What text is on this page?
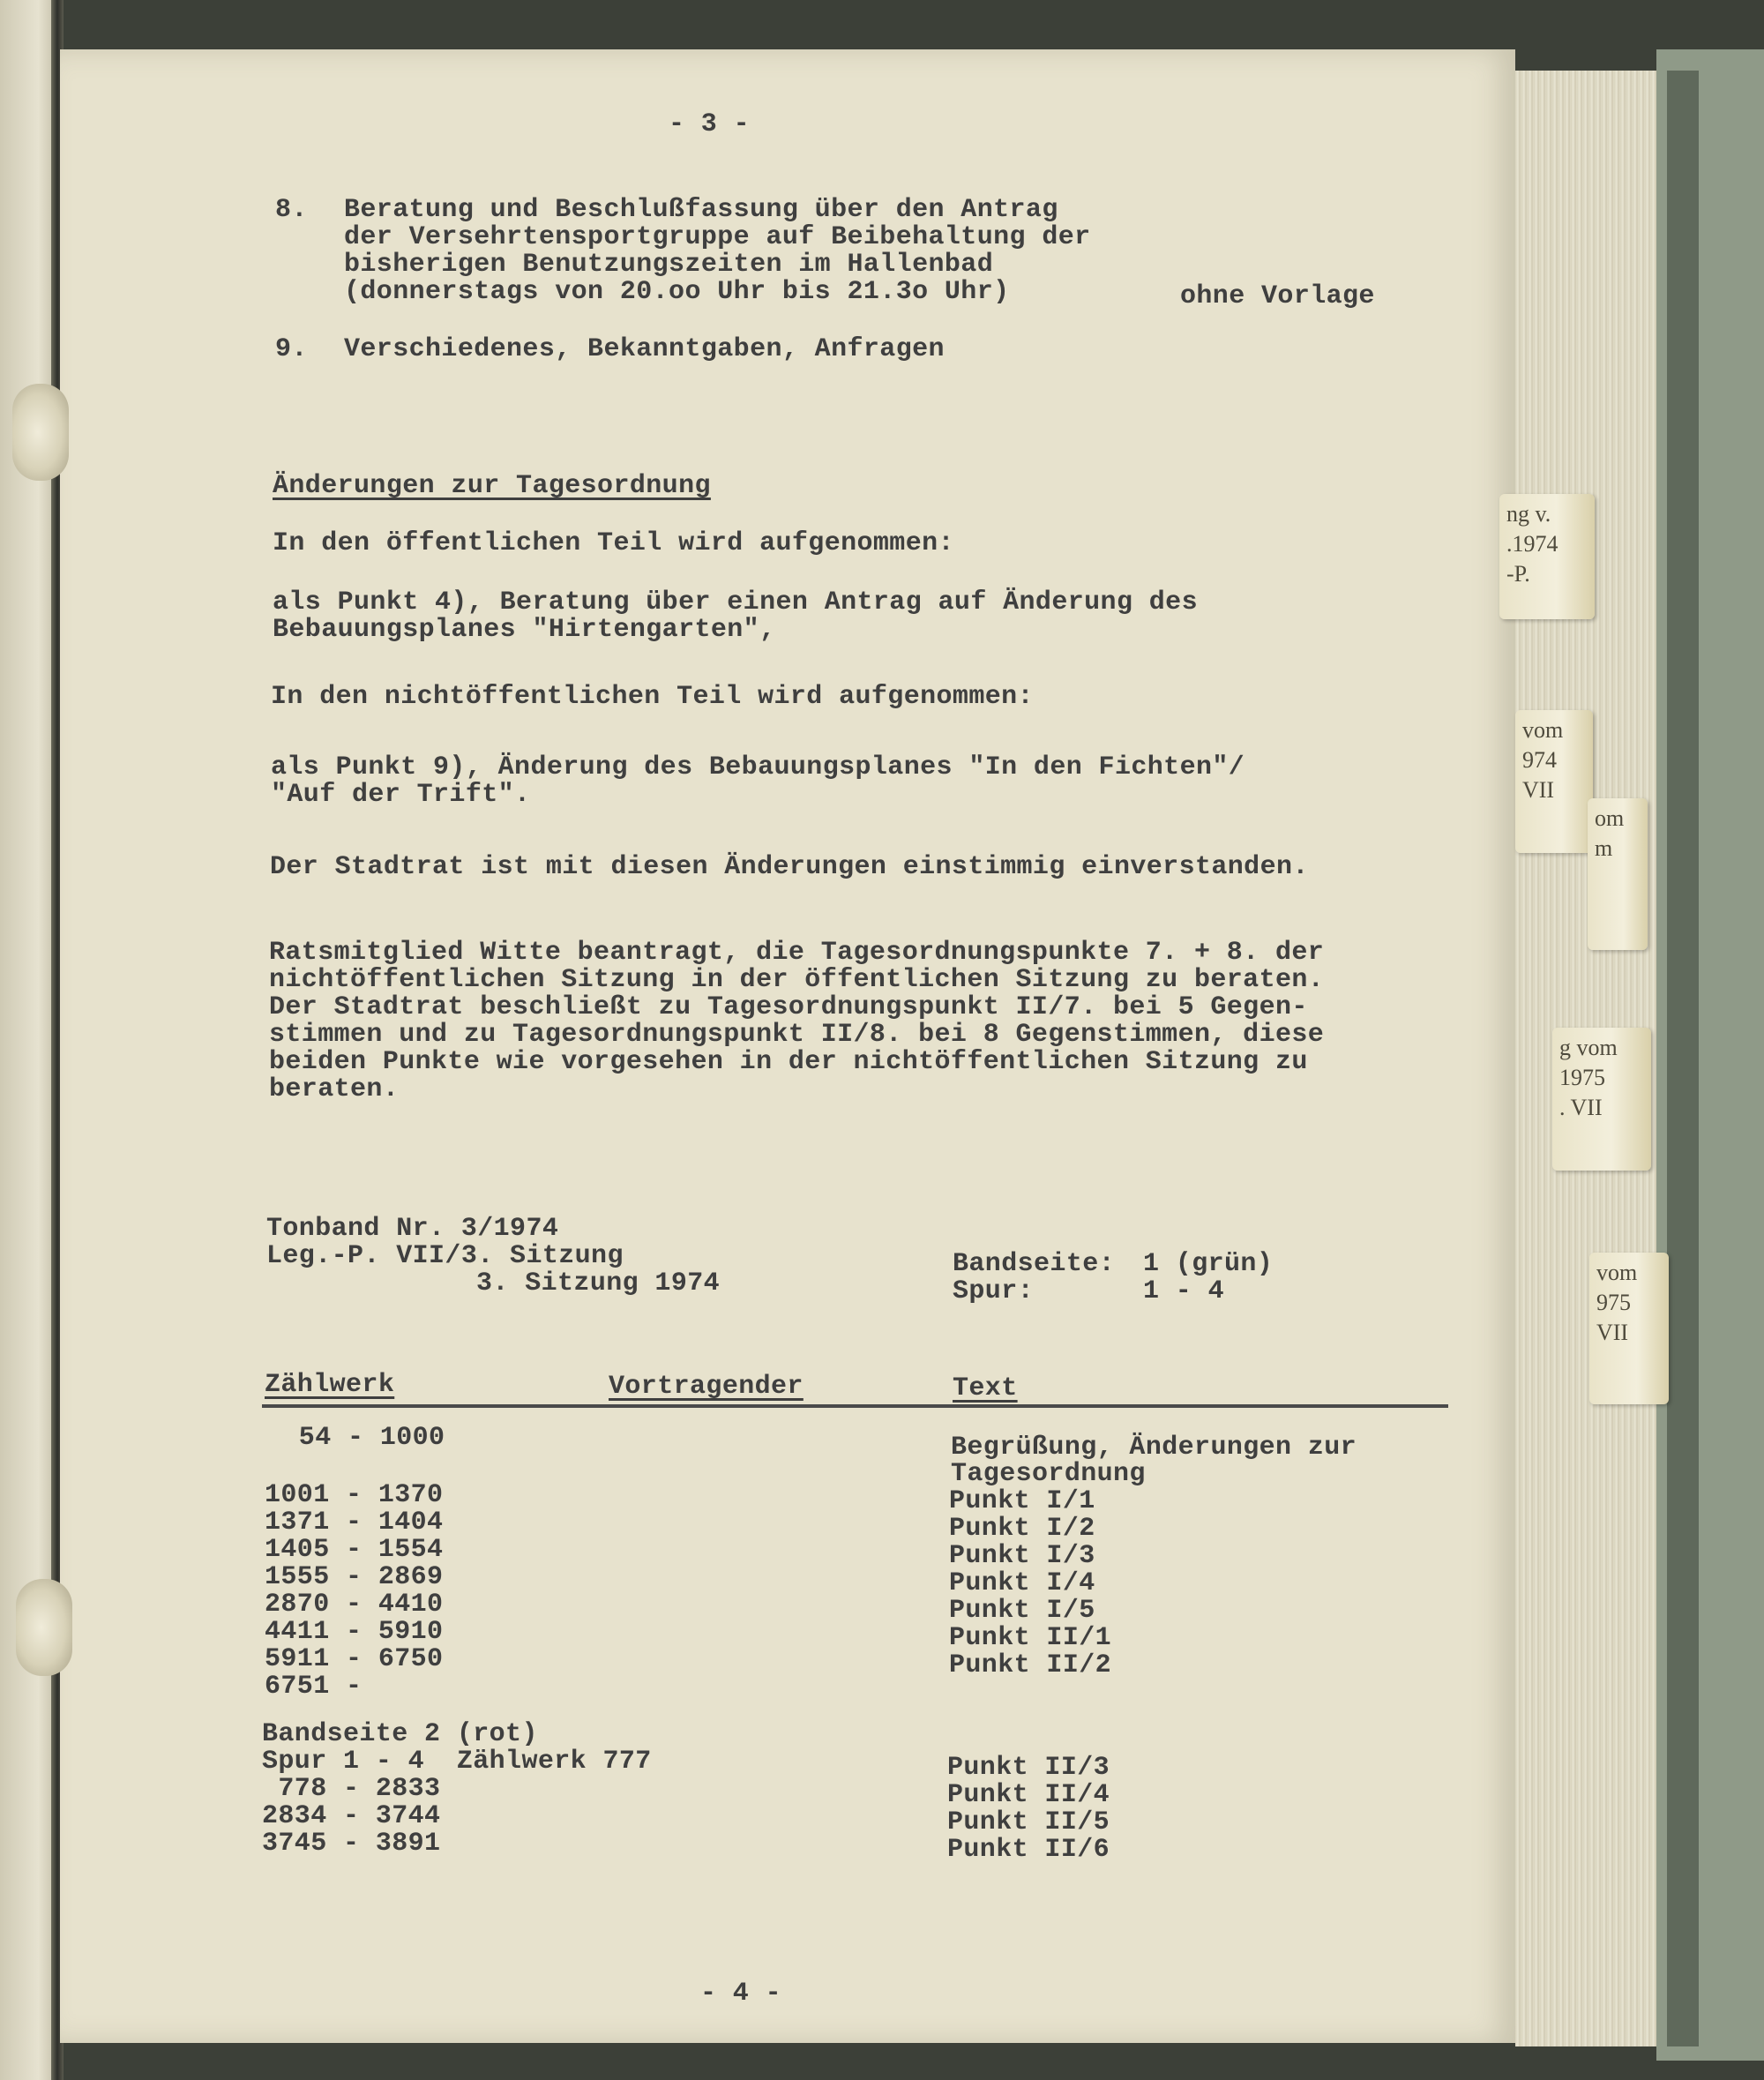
ng v.
.1974
-P.
vom
974
VII
om
m
g vom
1975
. VII
vom
975
VII
- 3 -
8. Beratung und Beschlußfassung über den Antrag
der Versehrtensportgruppe auf Beibehaltung der
bisherigen Benutzungszeiten im Hallenbad
(donnerstags von 20.oo Uhr bis 21.3o Uhr)	ohne Vorlage
9. Verschiedenes, Bekanntgaben, Anfragen
Änderungen zur Tagesordnung
In den öffentlichen Teil wird aufgenommen:
als Punkt 4), Beratung über einen Antrag auf Änderung des
Bebauungsplanes "Hirtengarten",
In den nichtöffentlichen Teil wird aufgenommen:
als Punkt 9), Änderung des Bebauungsplanes "In den Fichten"/
"Auf der Trift".
Der Stadtrat ist mit diesen Änderungen einstimmig einverstanden.
Ratsmitglied Witte beantragt, die Tagesordnungspunkte 7. + 8. der
nichtöffentlichen Sitzung in der öffentlichen Sitzung zu beraten.
Der Stadtrat beschließt zu Tagesordnungspunkt II/7. bei 5 Gegen-
stimmen und zu Tagesordnungspunkt II/8. bei 8 Gegenstimmen, diese
beiden Punkte wie vorgesehen in der nichtöffentlichen Sitzung zu
beraten.
Tonband Nr. 3/1974
Leg.-P. VII/3. Sitzung
3. Sitzung 1974
Bandseite: 1 (grün)
Spur:	1 - 4
Zählwerk	Vortragender	Text
54 - 1000	Begrüßung, Änderungen zur
Tagesordnung
1001 - 1370	Punkt I/1
1371 - 1404	Punkt I/2
1405 - 1554	Punkt I/3
1555 - 2869	Punkt I/4
2870 - 4410	Punkt I/5
4411 - 5910	Punkt II/1
5911 - 6750	Punkt II/2
6751 -
Bandseite 2 (rot)
Spur 1 - 4  Zählwerk 777	Punkt II/3
778 - 2833	Punkt II/4
2834 - 3744	Punkt II/5
3745 - 3891	Punkt II/6
- 4 -
